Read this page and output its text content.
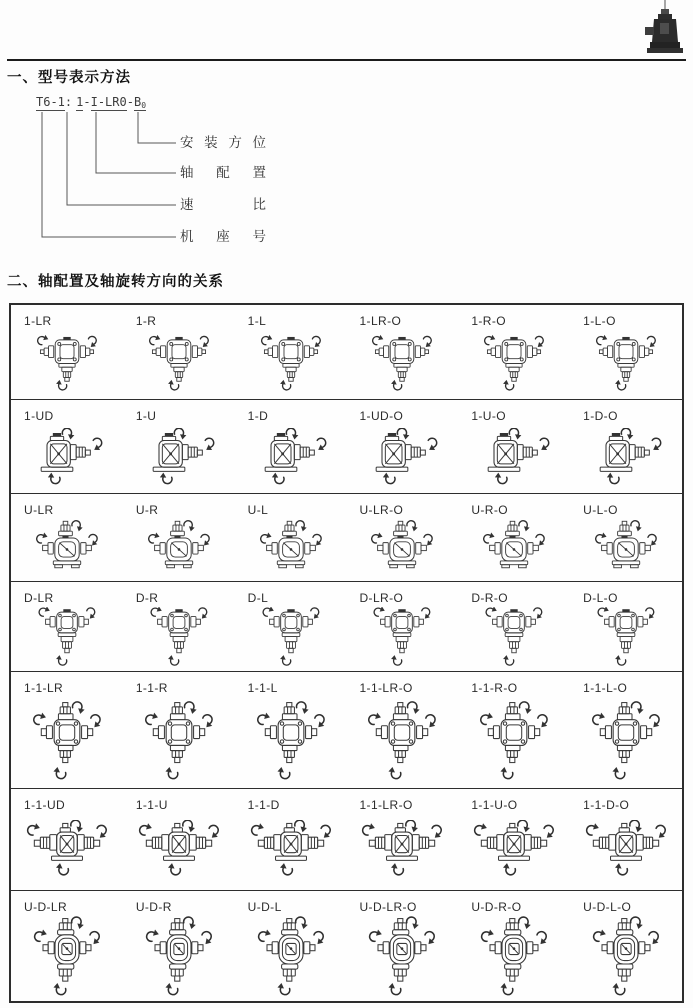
一、型号表示方法
T6-1: $1-I-LR0-B_0$
安装方位
轴配置
速比
机座号
二、轴配置及轴旋转方向的关系
1-LR	1-R	1-L	1-LR-O	1-R-O	1-L-O
1-UD	1-U	1-D	1-UD-O	1-U-O	1-D-O
U-LR	U-R	U-L	U-LR-O	U-R-O	U-L-O
D-LR	D-R	D-L	D-LR-O	D-R-O	D-L-O
1-1-LR	1-1-R	1-1-L	1-1-LR-O	1-1-R-O	1-1-L-O
1-1-UD	1-1-U	1-1-D	1-1-LR-O	1-1-U-O	1-1-D-O
U-D-LR	U-D-R	U-D-L	U-D-LR-O	U-D-R-O	U-D-L-O
